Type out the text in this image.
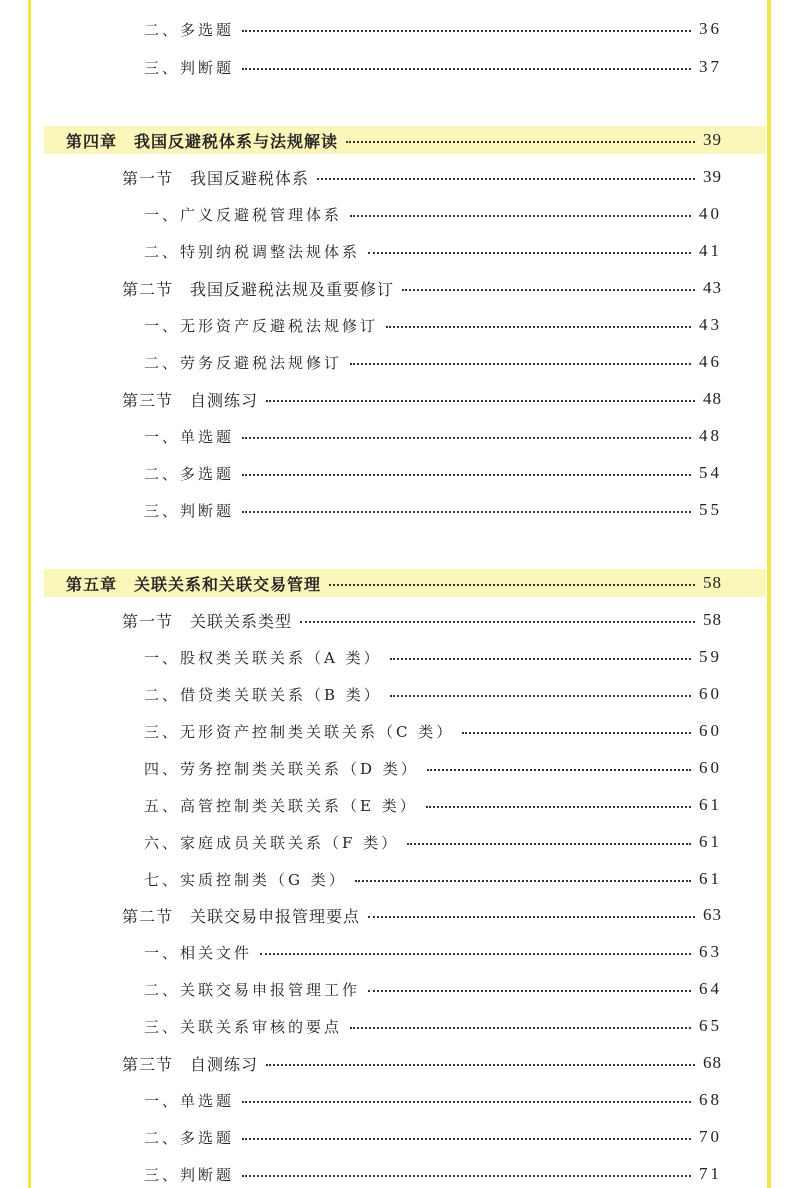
二、多选题	36
三、判断题	37
第四章　我国反避税体系与法规解读	39
第一节　我国反避税体系	39
一、广义反避税管理体系	40
二、特别纳税调整法规体系	41
第二节　我国反避税法规及重要修订	43
一、无形资产反避税法规修订	43
二、劳务反避税法规修订	46
第三节　自测练习	48
一、单选题	48
二、多选题	54
三、判断题	55
第五章　关联关系和关联交易管理	58
第一节　关联关系类型	58
一、股权类关联关系（A 类）	59
二、借贷类关联关系（B 类）	60
三、无形资产控制类关联关系（C 类）	60
四、劳务控制类关联关系（D 类）	60
五、高管控制类关联关系（E 类）	61
六、家庭成员关联关系（F 类）	61
七、实质控制类（G 类）	61
第二节　关联交易申报管理要点	63
一、相关文件	63
二、关联交易申报管理工作	64
三、关联关系审核的要点	65
第三节　自测练习	68
一、单选题	68
二、多选题	70
三、判断题	71
